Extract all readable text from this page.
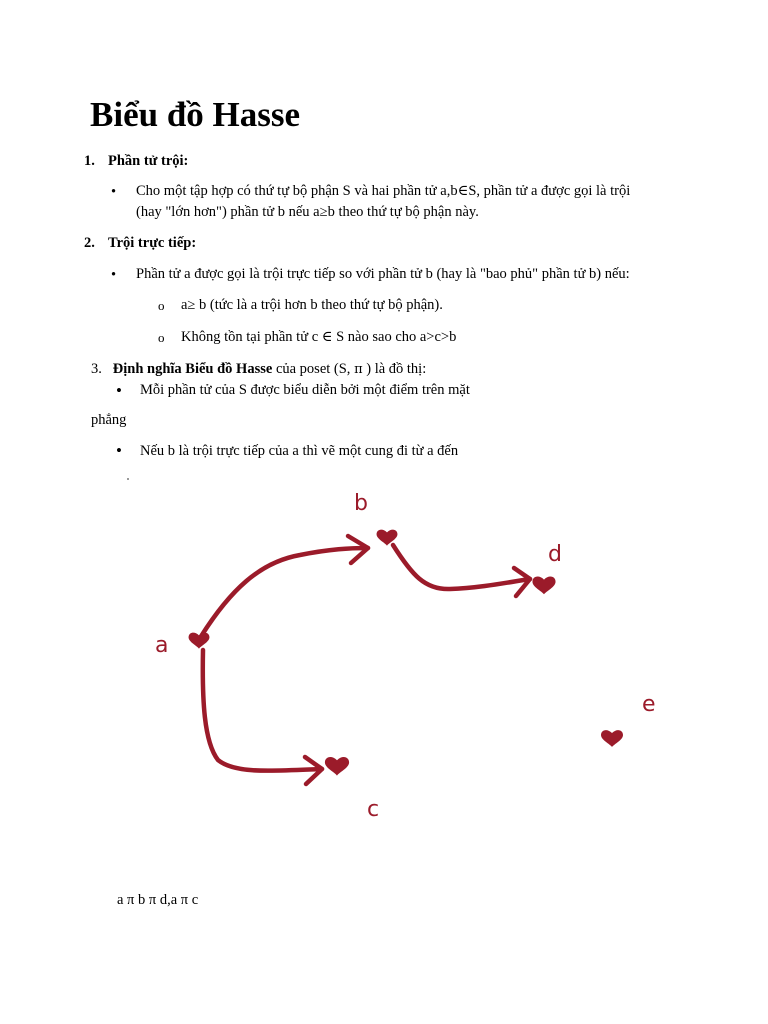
Biểu đồ Hasse
1. Phần tử trội:
• Cho một tập hợp có thứ tự bộ phận S và hai phần tử a,b∈S, phần tử a được gọi là trội
(hay "lớn hơn") phần tử b nếu a≥b theo thứ tự bộ phận này.
2. Trội trực tiếp:
• Phần tử a được gọi là trội trực tiếp so với phần tử b (hay là "bao phủ" phần tử b) nếu:
o a≥ b (tức là a trội hơn b theo thứ tự bộ phận).
o Không tồn tại phần tử c ∈ S nào sao cho a>c>b
3. Định nghĩa Biểu đồ Hasse của poset (S, π ) là đồ thị:
• Mỗi phần tử của S được biểu diễn bởi một điểm trên mặt
phẳng
• Nếu b là trội trực tiếp của a thì vẽ một cung đi từ a đến
b
d
a
e
c
a π b π d,a π c
